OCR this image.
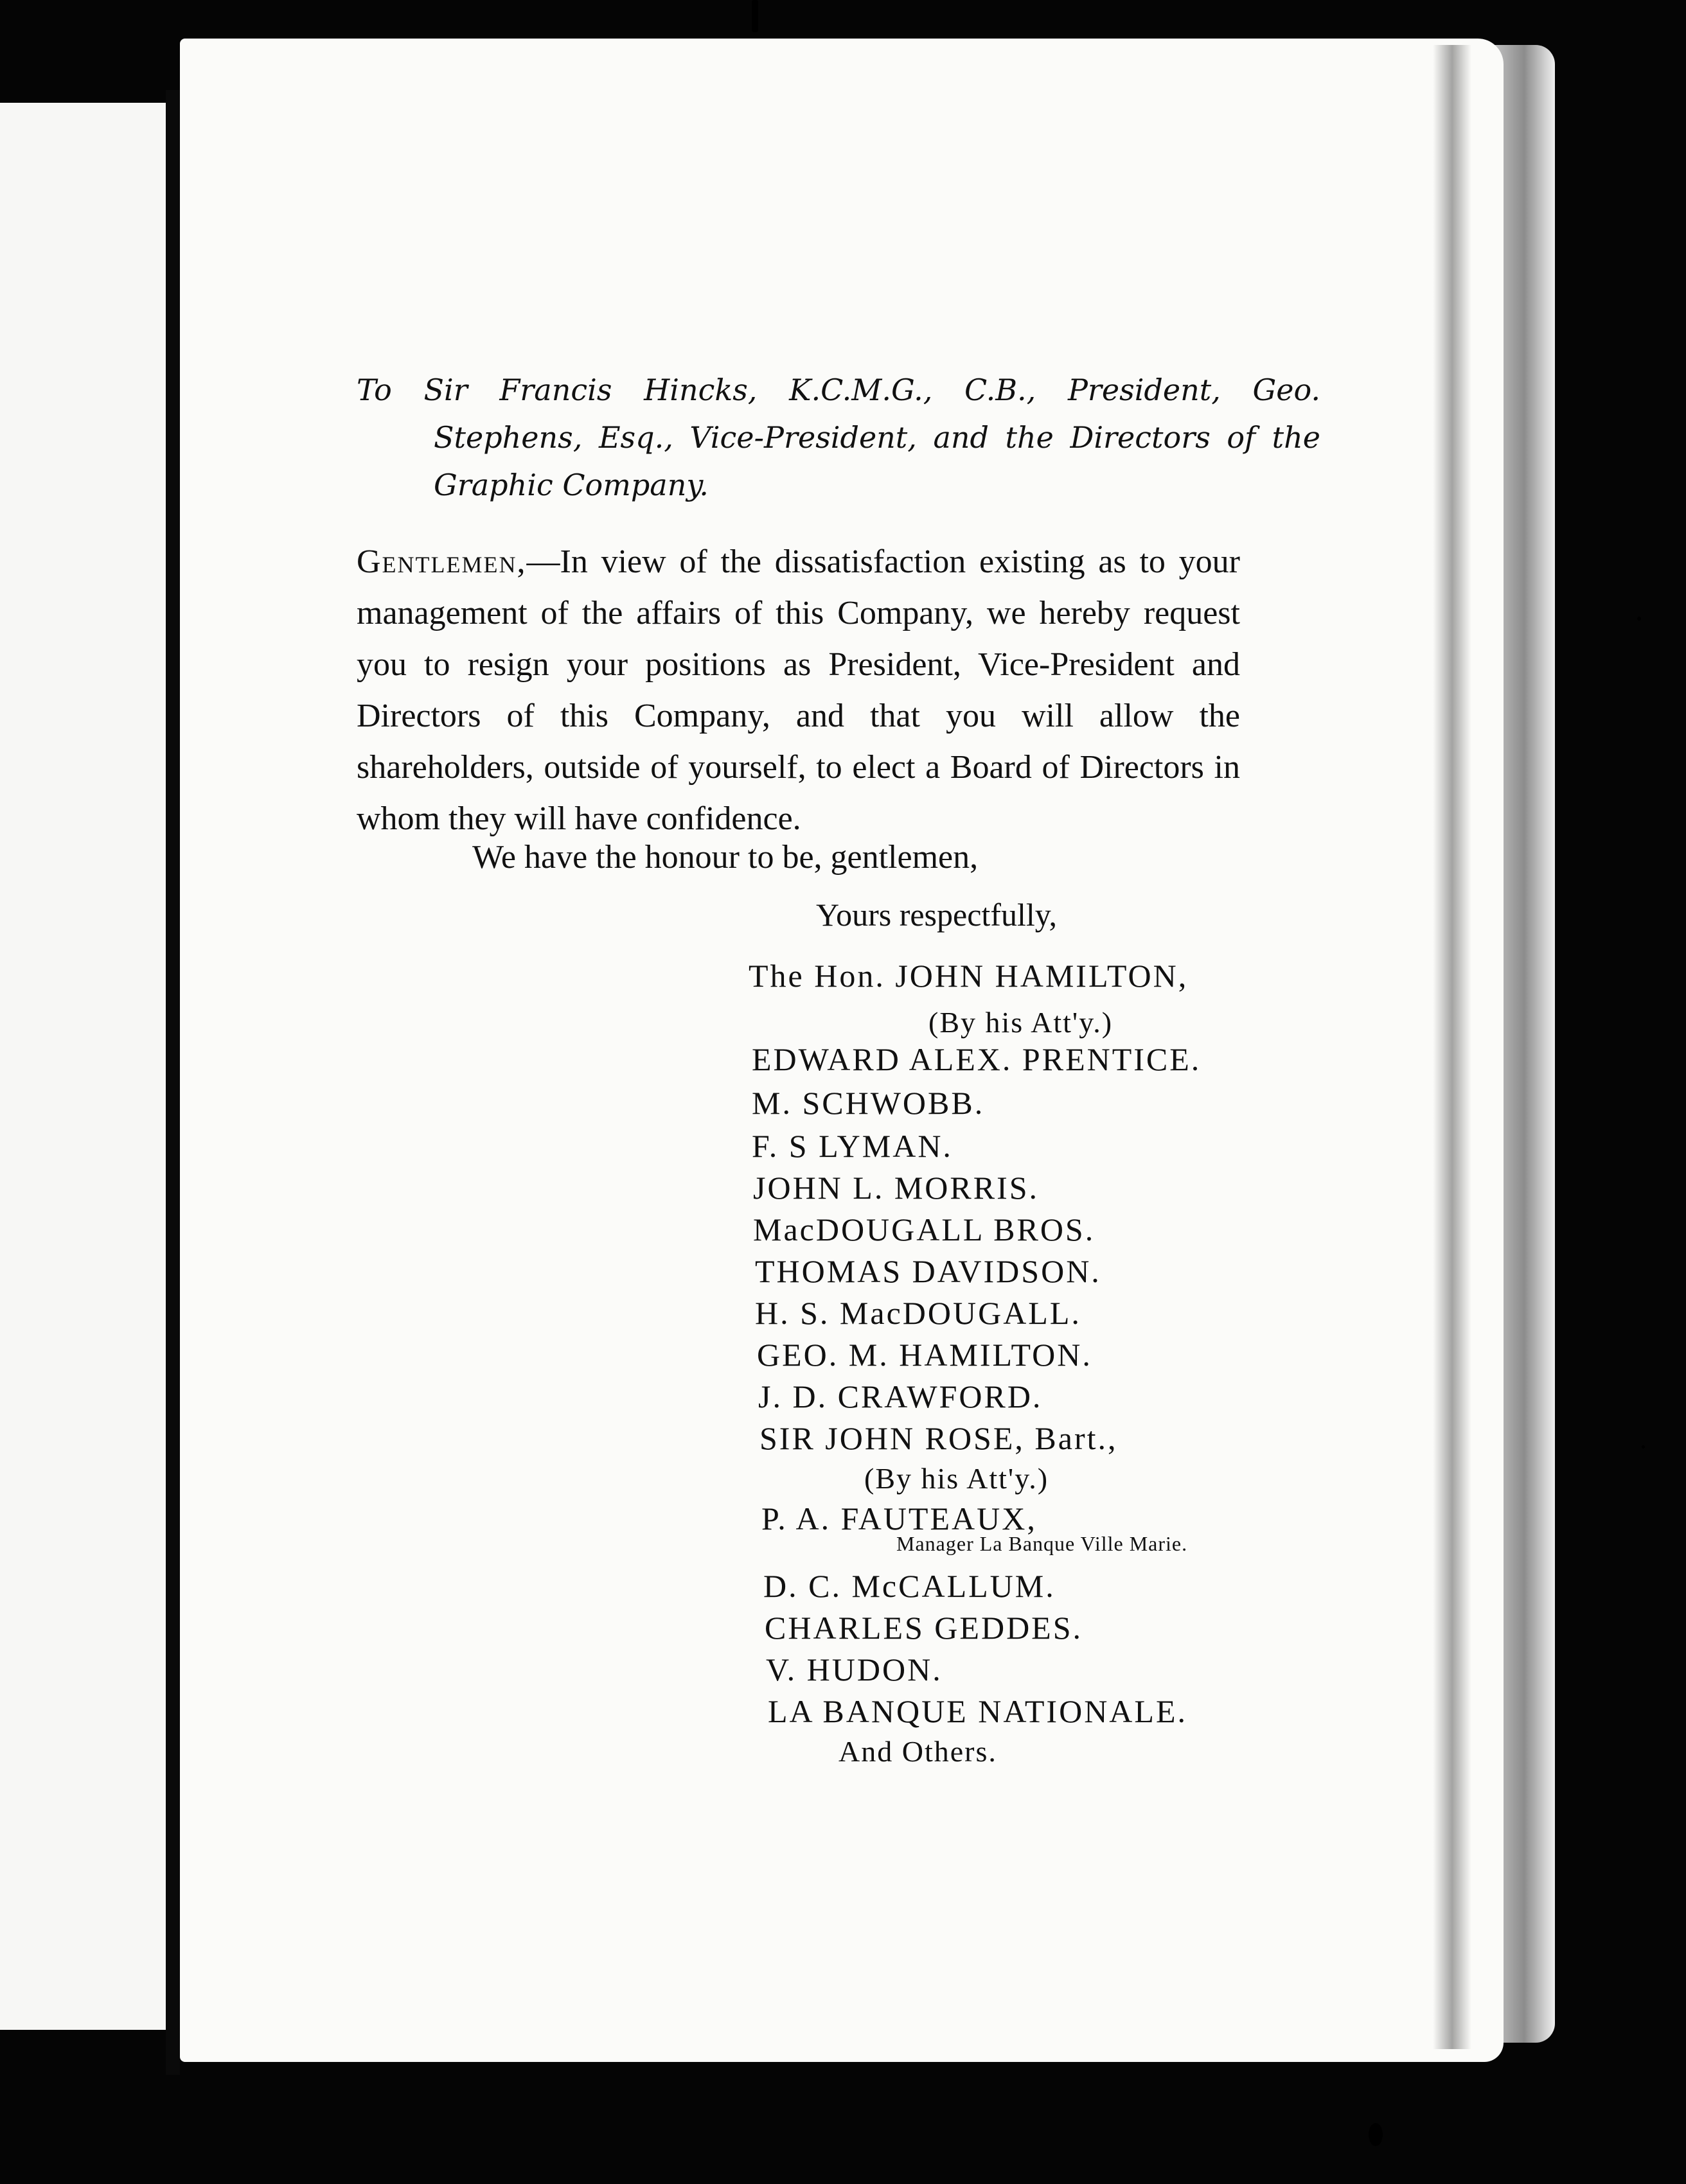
To Sir Francis Hincks, K.C.M.G., C.B., President, Geo. Stephens, Esq., Vice-President, and the Directors of the Graphic Company.
Gentlemen,—In view of the dissatisfaction existing as to your management of the affairs of this Company, we hereby request you to resign your positions as President, Vice-President and Directors of this Company, and that you will allow the shareholders, outside of yourself, to elect a Board of Directors in whom they will have confidence.
We have the honour to be, gentlemen,
Yours respectfully,
The Hon. JOHN HAMILTON,
(By his Att'y.)
EDWARD ALEX. PRENTICE.
M. SCHWOBB.
F. S LYMAN.
JOHN L. MORRIS.
MacDOUGALL BROS.
THOMAS DAVIDSON.
H. S. MacDOUGALL.
GEO. M. HAMILTON.
J. D. CRAWFORD.
SIR JOHN ROSE, Bart.,
(By his Att'y.)
P. A. FAUTEAUX,
Manager La Banque Ville Marie.
D. C. McCALLUM.
CHARLES GEDDES.
V. HUDON.
LA BANQUE NATIONALE.
And Others.
